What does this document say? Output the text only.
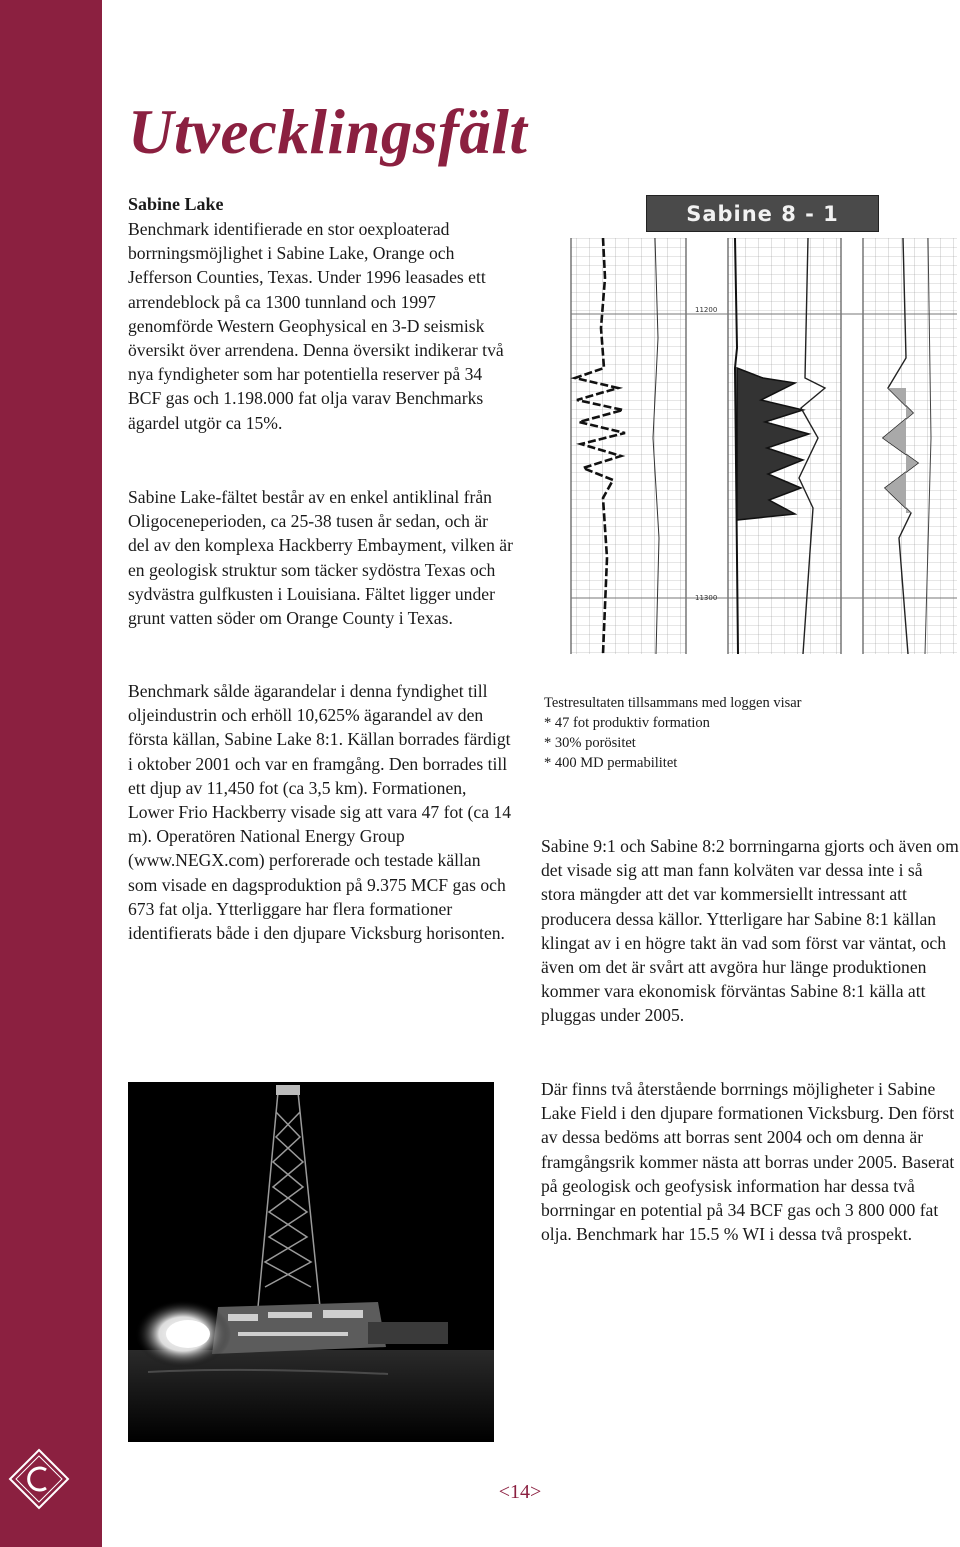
Utvecklingsfält
Sabine Lake

Benchmark identifierade en stor oexploaterad borrningsmöjlighet i Sabine Lake, Orange och Jefferson Counties, Texas. Under 1996 leasades ett arrendeblock på ca 1300 tunnland och 1997 genomförde Western Geophysical en 3-D seismisk översikt över arrendena. Denna översikt indikerar två nya fyndigheter som har potentiella reserver på 34 BCF gas och 1.198.000 fat olja varav Benchmarks ägardel utgör ca 15%.

Sabine Lake-fältet består av en enkel antiklinal från Oligoceneperioden, ca 25-38 tusen år sedan, och är del av den komplexa Hackberry Embayment, vilken är en geologisk struktur som täcker sydöstra Texas och sydvästra gulfkusten i Louisiana. Fältet ligger under grunt vatten söder om Orange County i Texas.

Benchmark sålde ägarandelar i denna fyndighet till oljeindustrin och erhöll 10,625% ägarandel av den första källan, Sabine Lake 8:1. Källan borrades färdigt i oktober 2001 och var en framgång. Den borrades till ett djup av 11,450 fot (ca 3,5 km). Formationen, Lower Frio Hackberry visade sig att vara 47 fot (ca 14 m). Operatören National Energy Group (www.NEGX.com) perforerade och testade källan som visade en dagsproduktion på 9.375 MCF gas och 673 fat olja. Ytterliggare har flera formationer identifierats både i den djupare Vicksburg horisonten.

Sabine 8 - 1
11200
11300
Testresultaten tillsammans med loggen visar
* 47 fot produktiv formation
* 30% porösitet
* 400 MD permabilitet

Sabine 9:1 och Sabine 8:2 borrningarna gjorts och även om det visade sig att man fann kolväten var dessa inte i så stora mängder att det var kommersiellt intressant att producera dessa källor. Ytterligare har Sabine 8:1 källan klingat av i en högre takt än vad som först var väntat, och även om det är svårt att avgöra hur länge produktionen kommer vara ekonomisk förväntas Sabine 8:1 källa att pluggas under 2005.

Där finns två återstående borrnings möjligheter i Sabine Lake Field i den djupare formationen Vicksburg. Den först av dessa bedöms att borras sent 2004 och om denna är framgångsrik kommer nästa att borras under 2005. Baserat på geologisk och geofysisk information har dessa två borrningar en potential på 34 BCF gas och 3 800 000 fat olja. Benchmark har 15.5 % WI i dessa två prospekt.

<14>
